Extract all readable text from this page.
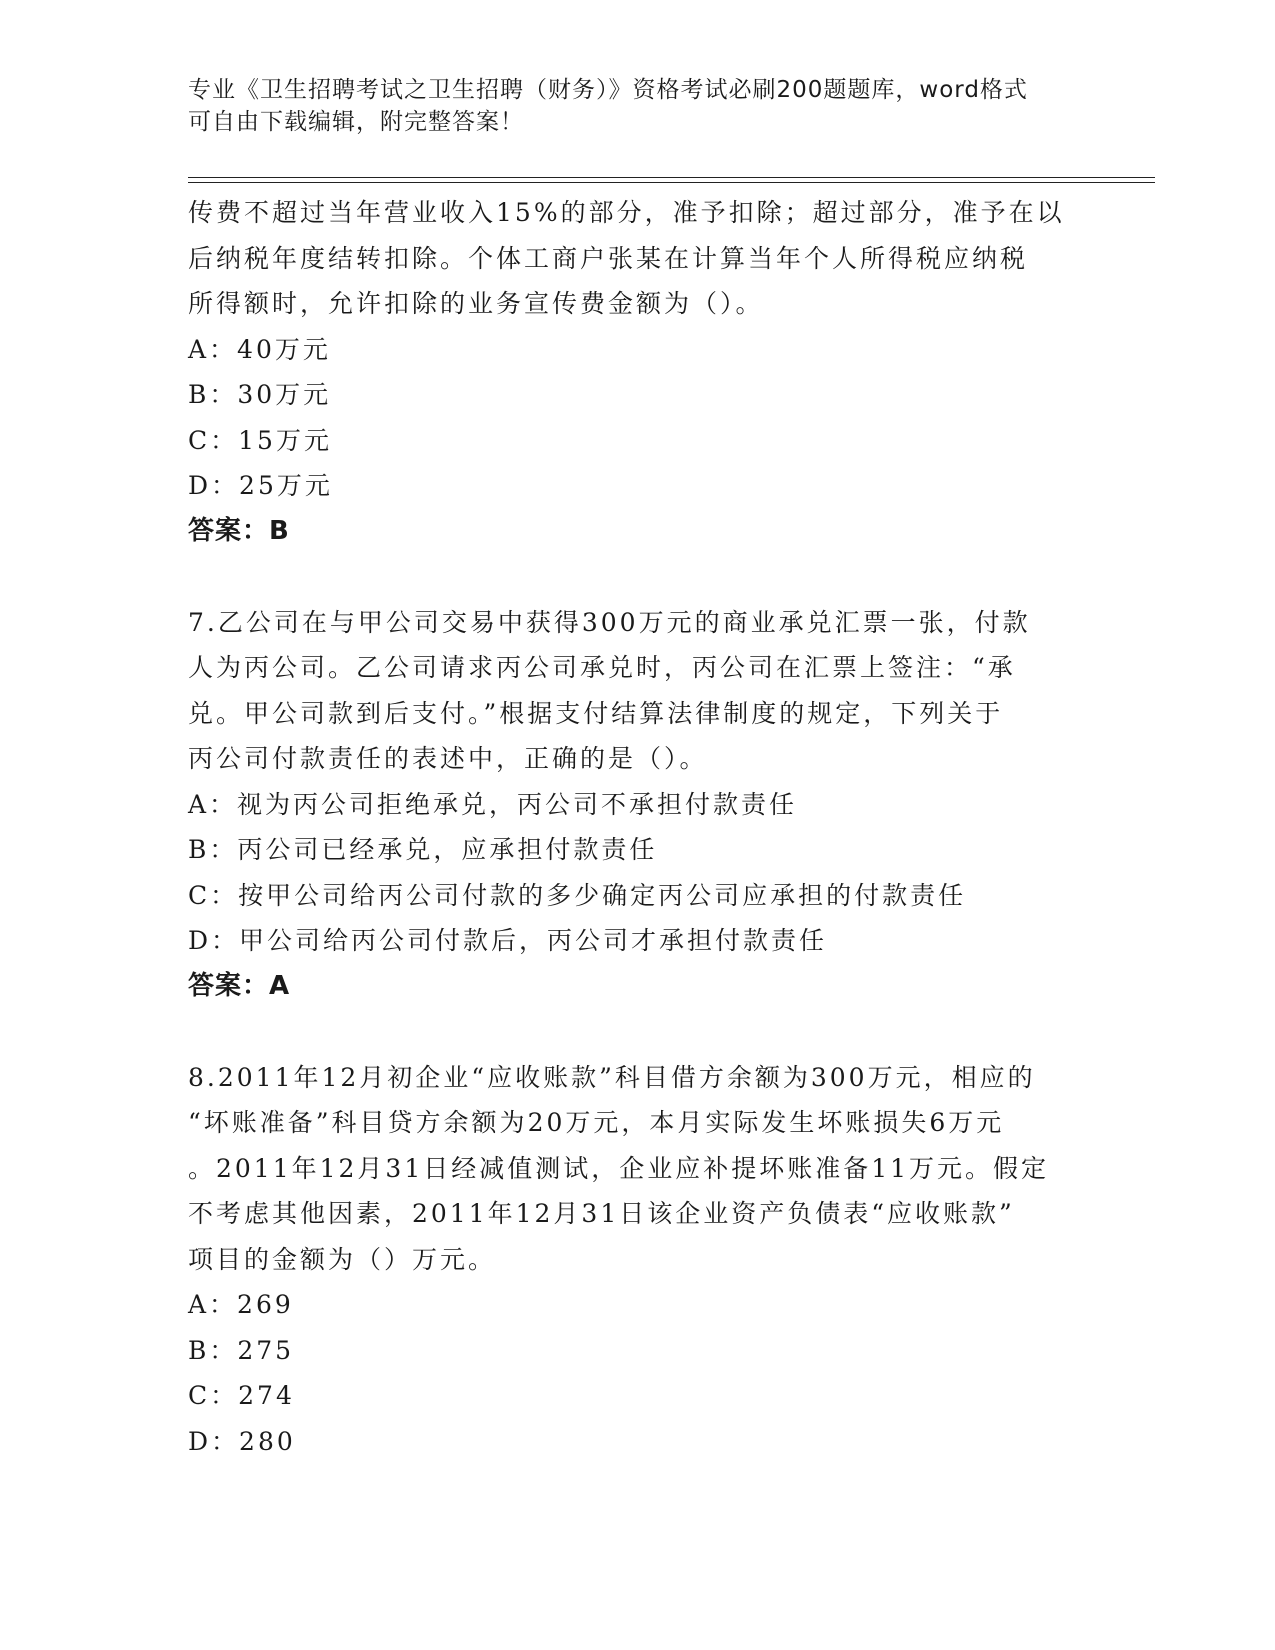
专业《卫生招聘考试之卫生招聘（财务）》资格考试必刷200题题库，word格式
可自由下载编辑，附完整答案！
传费不超过当年营业收入15%的部分，准予扣除；超过部分，准予在以
后纳税年度结转扣除。个体工商户张某在计算当年个人所得税应纳税
所得额时，允许扣除的业务宣传费金额为（）。
A：40万元
B：30万元
C：15万元
D：25万元
答案：B
7.乙公司在与甲公司交易中获得300万元的商业承兑汇票一张，付款
人为丙公司。乙公司请求丙公司承兑时，丙公司在汇票上签注：“承
兑。甲公司款到后支付。”根据支付结算法律制度的规定，下列关于
丙公司付款责任的表述中，正确的是（）。
A：视为丙公司拒绝承兑，丙公司不承担付款责任
B：丙公司已经承兑，应承担付款责任
C：按甲公司给丙公司付款的多少确定丙公司应承担的付款责任
D：甲公司给丙公司付款后，丙公司才承担付款责任
答案：A
8.2011年12月初企业“应收账款”科目借方余额为300万元，相应的
“坏账准备”科目贷方余额为20万元，本月实际发生坏账损失6万元
。2011年12月31日经减值测试，企业应补提坏账准备11万元。假定
不考虑其他因素，2011年12月31日该企业资产负债表“应收账款”
项目的金额为（）万元。
A：269
B：275
C：274
D：280
